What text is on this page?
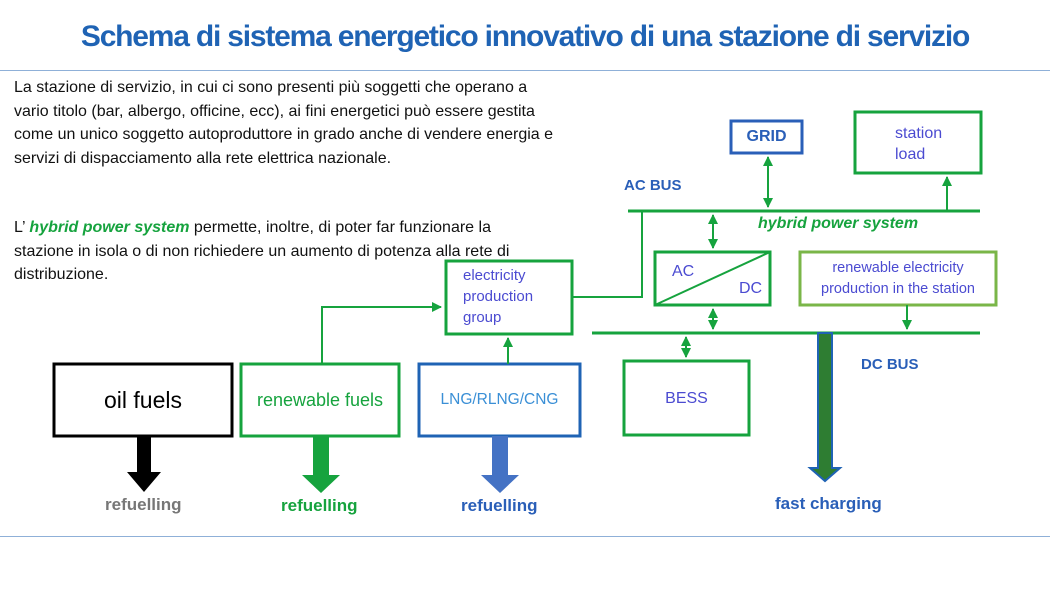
Schema di sistema energetico innovativo di una stazione di servizio

La stazione di servizio, in cui ci sono presenti più soggetti che operano a vario titolo (bar, albergo, officine, ecc), ai fini energetici può essere gestita come un unico soggetto autoproduttore in grado anche di vendere energia e servizi di dispacciamento alla rete elettrica nazionale.

L’ hybrid power system permette, inoltre, di poter far funzionare la stazione in isola o di non richiedere un aumento di potenza alla rete di distribuzione.

GRID	station
load
AC BUS
hybrid power system
AC
DC
renewable electricity production in the station
electricity production group
DC BUS
BESS
oil fuels	renewable fuels	LNG/RLNG/CNG
refuelling	refuelling	refuelling	fast charging
